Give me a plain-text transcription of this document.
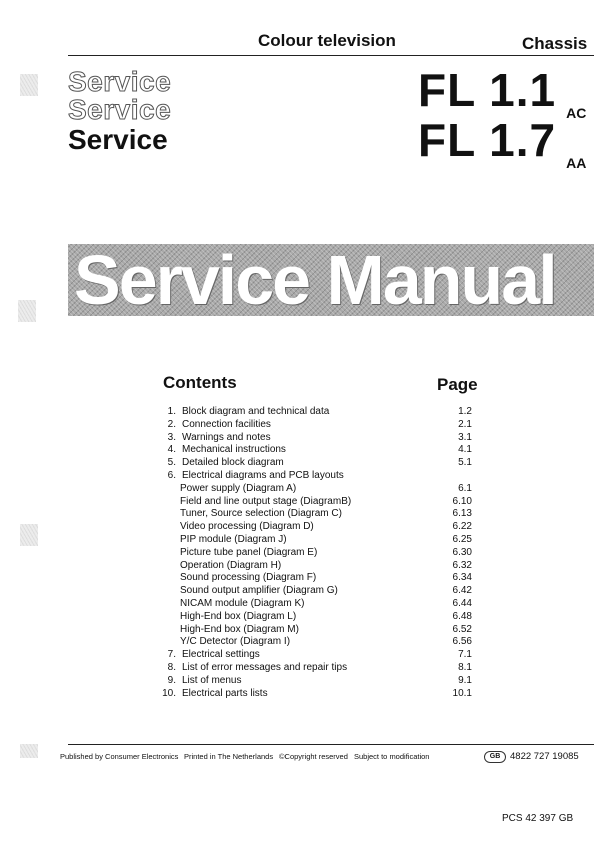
Colour television	Chassis
Service
Service
Service
FL 1.1 $_{AC}$
FL 1.7 $_{AA}$
Service Manual
Contents	Page
1. Block diagram and technical data	1.2
2. Connection facilities	2.1
3. Warnings and notes	3.1
4. Mechanical instructions	4.1
5. Detailed block diagram	5.1
6. Electrical diagrams and PCB layouts
Power supply (Diagram A)	6.1
Field and line output stage (DiagramB)	6.10
Tuner, Source selection (Diagram C)	6.13
Video processing (Diagram D)	6.22
PIP module (Diagram J)	6.25
Picture tube panel (Diagram E)	6.30
Operation (Diagram H)	6.32
Sound processing (Diagram F)	6.34
Sound output amplifier (Diagram G)	6.42
NICAM module (Diagram K)	6.44
High-End box (Diagram L)	6.48
High-End box (Diagram M)	6.52
Y/C Detector (Diagram I)	6.56
7. Electrical settings	7.1
8. List of error messages and repair tips	8.1
9. List of menus	9.1
10. Electrical parts lists	10.1
Published by Consumer Electronics Printed in The Netherlands ©Copyright reserved Subject to modification	GB	4822 727 19085
PCS 42 397 GB
